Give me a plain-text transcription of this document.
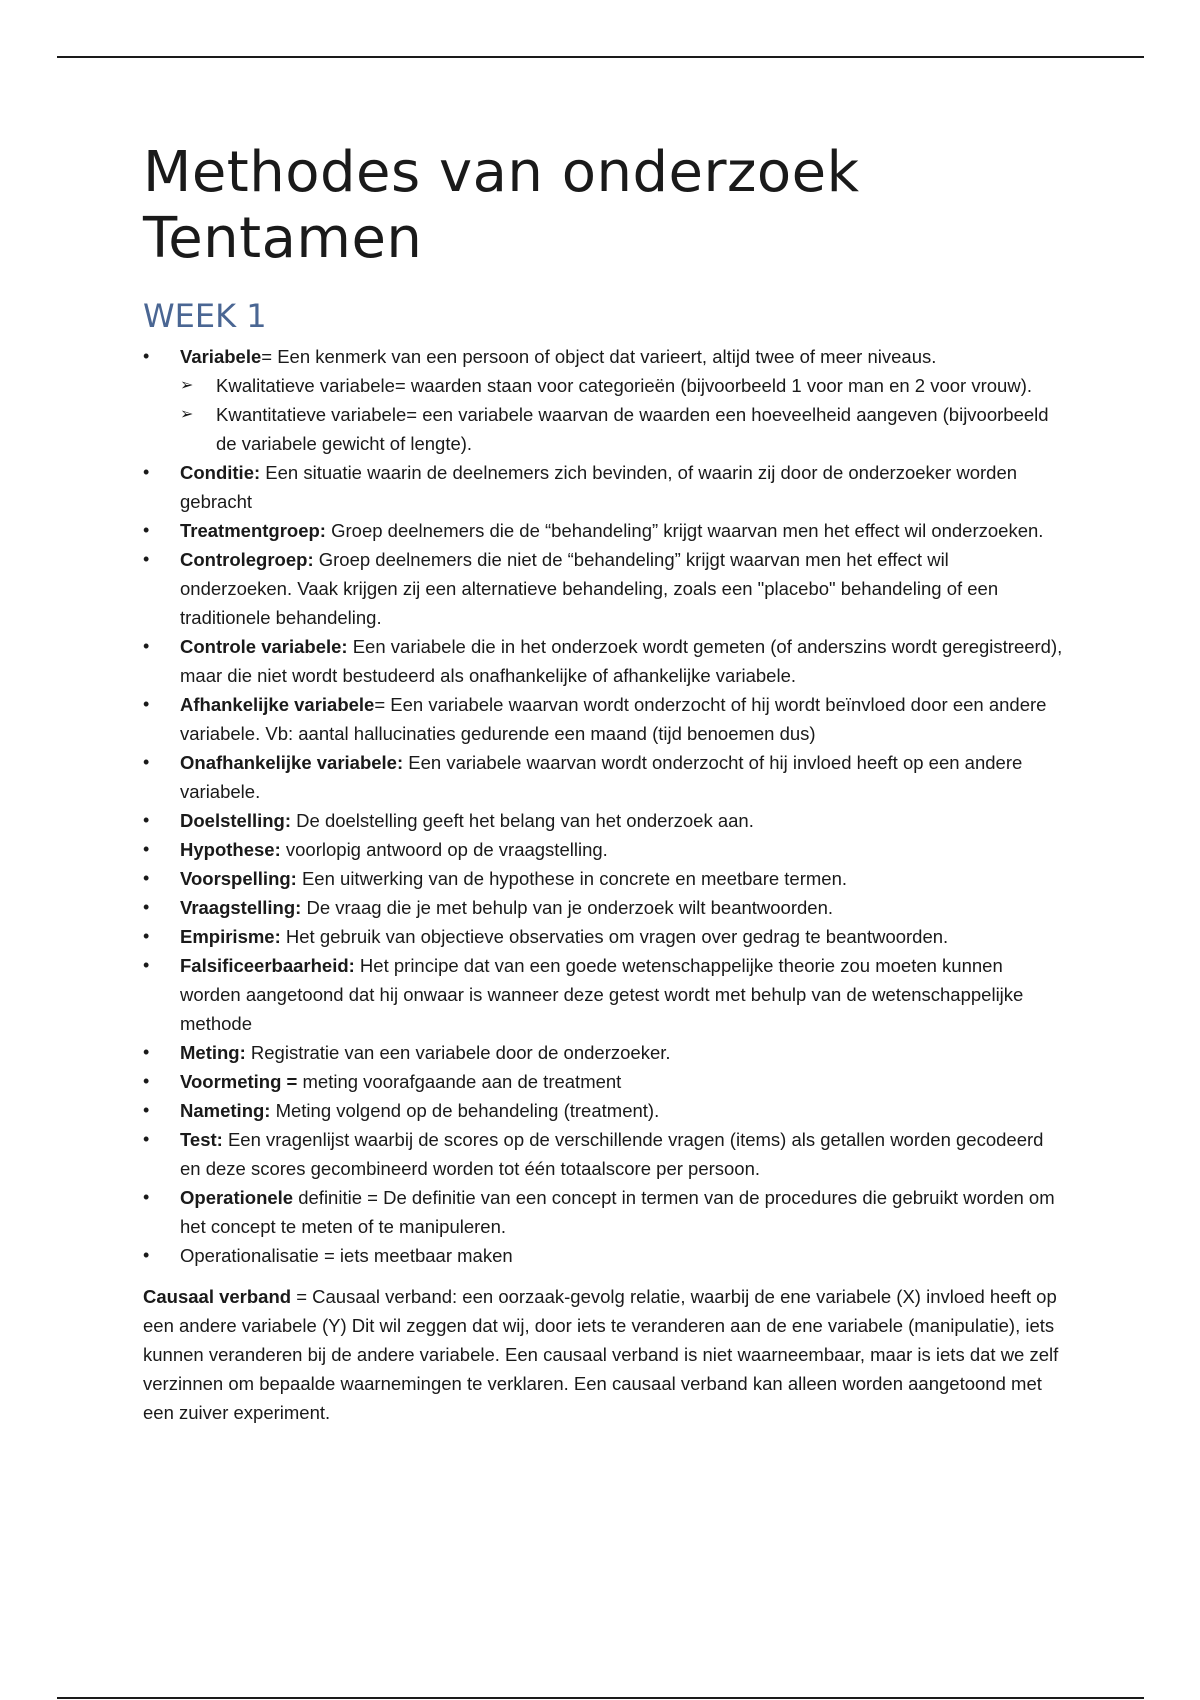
Methodes van onderzoek
Tentamen
WEEK 1
• Variabele= Een kenmerk van een persoon of object dat varieert, altijd twee of meer niveaus.
➢ Kwalitatieve variabele= waarden staan voor categorieën (bijvoorbeeld 1 voor man en 2 voor vrouw).
➢ Kwantitatieve variabele= een variabele waarvan de waarden een hoeveelheid aangeven (bijvoorbeeld de variabele gewicht of lengte).
• Conditie: Een situatie waarin de deelnemers zich bevinden, of waarin zij door de onderzoeker worden gebracht
• Treatmentgroep: Groep deelnemers die de “behandeling” krijgt waarvan men het effect wil onderzoeken.
• Controlegroep: Groep deelnemers die niet de “behandeling” krijgt waarvan men het effect wil onderzoeken. Vaak krijgen zij een alternatieve behandeling, zoals een "placebo" behandeling of een traditionele behandeling.
• Controle variabele: Een variabele die in het onderzoek wordt gemeten (of anderszins wordt geregistreerd), maar die niet wordt bestudeerd als onafhankelijke of afhankelijke variabele.
• Afhankelijke variabele= Een variabele waarvan wordt onderzocht of hij wordt beïnvloed door een andere variabele. Vb: aantal hallucinaties gedurende een maand (tijd benoemen dus)
• Onafhankelijke variabele: Een variabele waarvan wordt onderzocht of hij invloed heeft op een andere variabele.
• Doelstelling: De doelstelling geeft het belang van het onderzoek aan.
• Hypothese: voorlopig antwoord op de vraagstelling.
• Voorspelling: Een uitwerking van de hypothese in concrete en meetbare termen.
• Vraagstelling: De vraag die je met behulp van je onderzoek wilt beantwoorden.
• Empirisme: Het gebruik van objectieve observaties om vragen over gedrag te beantwoorden.
• Falsificeerbaarheid: Het principe dat van een goede wetenschappelijke theorie zou moeten kunnen worden aangetoond dat hij onwaar is wanneer deze getest wordt met behulp van de wetenschappelijke methode
• Meting: Registratie van een variabele door de onderzoeker.
• Voormeting = meting voorafgaande aan de treatment
• Nameting: Meting volgend op de behandeling (treatment).
• Test: Een vragenlijst waarbij de scores op de verschillende vragen (items) als getallen worden gecodeerd en deze scores gecombineerd worden tot één totaalscore per persoon.
• Operationele definitie = De definitie van een concept in termen van de procedures die gebruikt worden om het concept te meten of te manipuleren.
• Operationalisatie = iets meetbaar maken

Causaal verband = Causaal verband: een oorzaak-gevolg relatie, waarbij de ene variabele (X) invloed heeft op een andere variabele (Y) Dit wil zeggen dat wij, door iets te veranderen aan de ene variabele (manipulatie), iets kunnen veranderen bij de andere variabele. Een causaal verband is niet waarneembaar, maar is iets dat we zelf verzinnen om bepaalde waarnemingen te verklaren. Een causaal verband kan alleen worden aangetoond met een zuiver experiment.
